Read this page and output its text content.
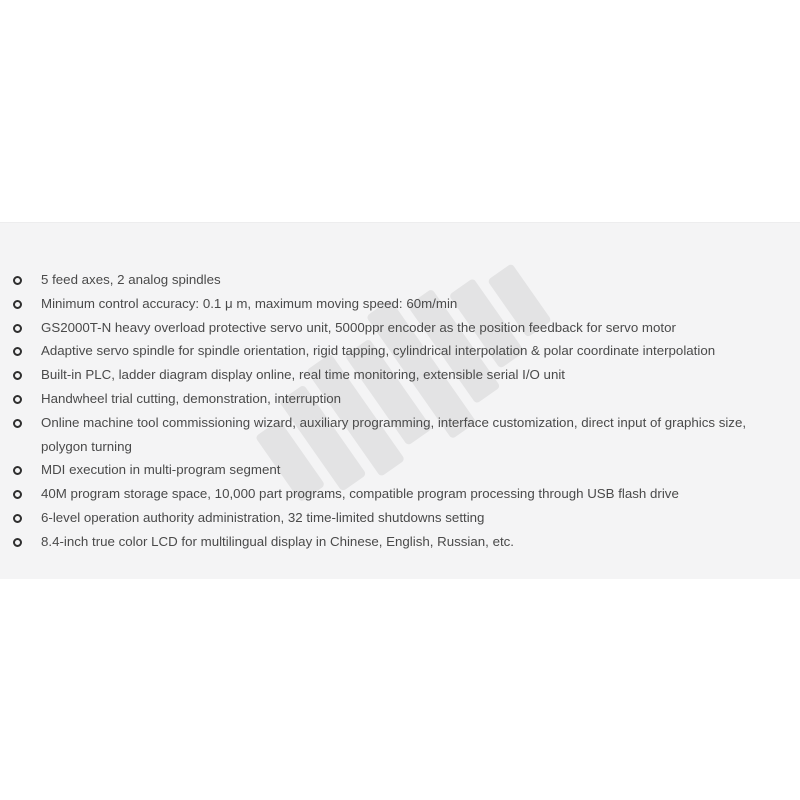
5 feed axes, 2 analog spindles
Minimum control accuracy: 0.1 μ m, maximum moving speed: 60m/min
GS2000T-N heavy overload protective servo unit, 5000ppr encoder as the position feedback for servo motor
Adaptive servo spindle for spindle orientation, rigid tapping, cylindrical interpolation & polar coordinate interpolation
Built-in PLC, ladder diagram display online, real time monitoring, extensible serial I/O unit
Handwheel trial cutting, demonstration, interruption
Online machine tool commissioning wizard, auxiliary programming, interface customization, direct input of graphics size, polygon turning
MDI execution in multi-program segment
40M program storage space, 10,000 part programs, compatible program processing through USB flash drive
6-level operation authority administration, 32 time-limited shutdowns setting
8.4-inch true color LCD for multilingual display in Chinese, English, Russian, etc.
